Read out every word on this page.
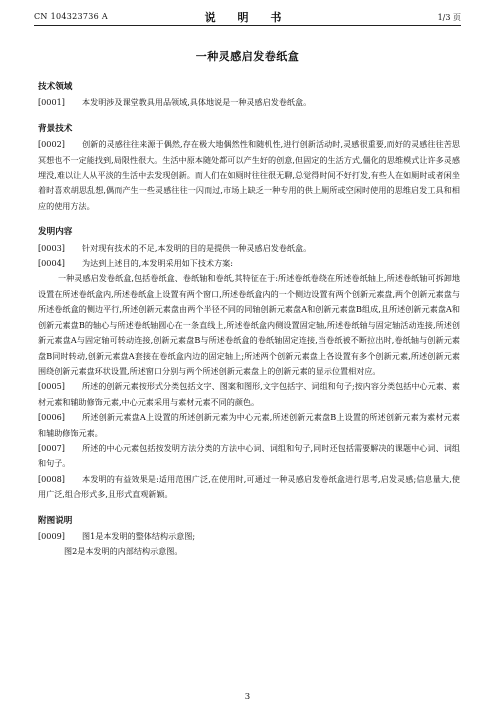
CN 104323736 A	说 明 书	1/3 页
一种灵感启发卷纸盒
技术领域
[0001] 本发明涉及课堂教具用品领域,具体地说是一种灵感启发卷纸盒。
背景技术
[0002] 创新的灵感往往来源于偶然,存在极大地偶然性和随机性,进行创新活动时,灵感很重要,而好的灵感往往苦思冥想也不一定能找到,局限性很大。生活中原本随处都可以产生好的创意,但固定的生活方式,僵化的思维模式让许多灵感埋没,难以让人从平淡的生活中去发现创新。而人们在如厕时往往很无聊,总觉得时间不好打发,有些人在如厕时或者闲坐着时喜欢胡思乱想,偶而产生一些灵感往往一闪而过,市场上缺乏一种专用的供上厕所或空闲时使用的思维启发工具和相应的使用方法。
发明内容
[0003] 针对现有技术的不足,本发明的目的是提供一种灵感启发卷纸盒。
[0004] 为达到上述目的,本发明采用如下技术方案:
一种灵感启发卷纸盒,包括卷纸盒、卷纸轴和卷纸,其特征在于:所述卷纸卷绕在所述卷纸轴上,所述卷纸轴可拆卸地设置在所述卷纸盒内,所述卷纸盒上设置有两个窗口,所述卷纸盒内的一个侧边设置有两个创新元素盘,两个创新元素盘与所述卷纸盒的侧边平行,所述创新元素盘由两个半径不同的同轴创新元素盘A和创新元素盘B组成,且所述创新元素盘A和创新元素盘B的轴心与所述卷纸轴圆心在一条直线上,所述卷纸盒内侧设置固定轴,所述卷纸轴与固定轴活动连接,所述创新元素盘A与固定轴可转动连接,创新元素盘B与所述卷纸盒的卷纸轴固定连接,当卷纸被不断拉出时,卷纸轴与创新元素盘B同时转动,创新元素盘A套接在卷纸盒内边的固定轴上;所述两个创新元素盘上各设置有多个创新元素,所述创新元素围绕创新元素盘环状设置,所述窗口分别与两个所述创新元素盘上的创新元素的显示位置相对应。
[0005] 所述的创新元素按形式分类包括文字、图案和图形,文字包括字、词组和句子;按内容分类包括中心元素、素材元素和辅助修饰元素,中心元素采用与素材元素不同的颜色。
[0006] 所述创新元素盘A上设置的所述创新元素为中心元素,所述创新元素盘B上设置的所述创新元素为素材元素和辅助修饰元素。
[0007] 所述的中心元素包括按发明方法分类的方法中心词、词组和句子,同时还包括需要解决的课题中心词、词组和句子。
[0008] 本发明的有益效果是:适用范围广泛,在使用时,可通过一种灵感启发卷纸盒进行思考,启发灵感;信息量大,使用广泛,组合形式多,且形式直观新颖。
附图说明
[0009] 图1是本发明的整体结构示意图;
图2是本发明的内部结构示意图。
3
